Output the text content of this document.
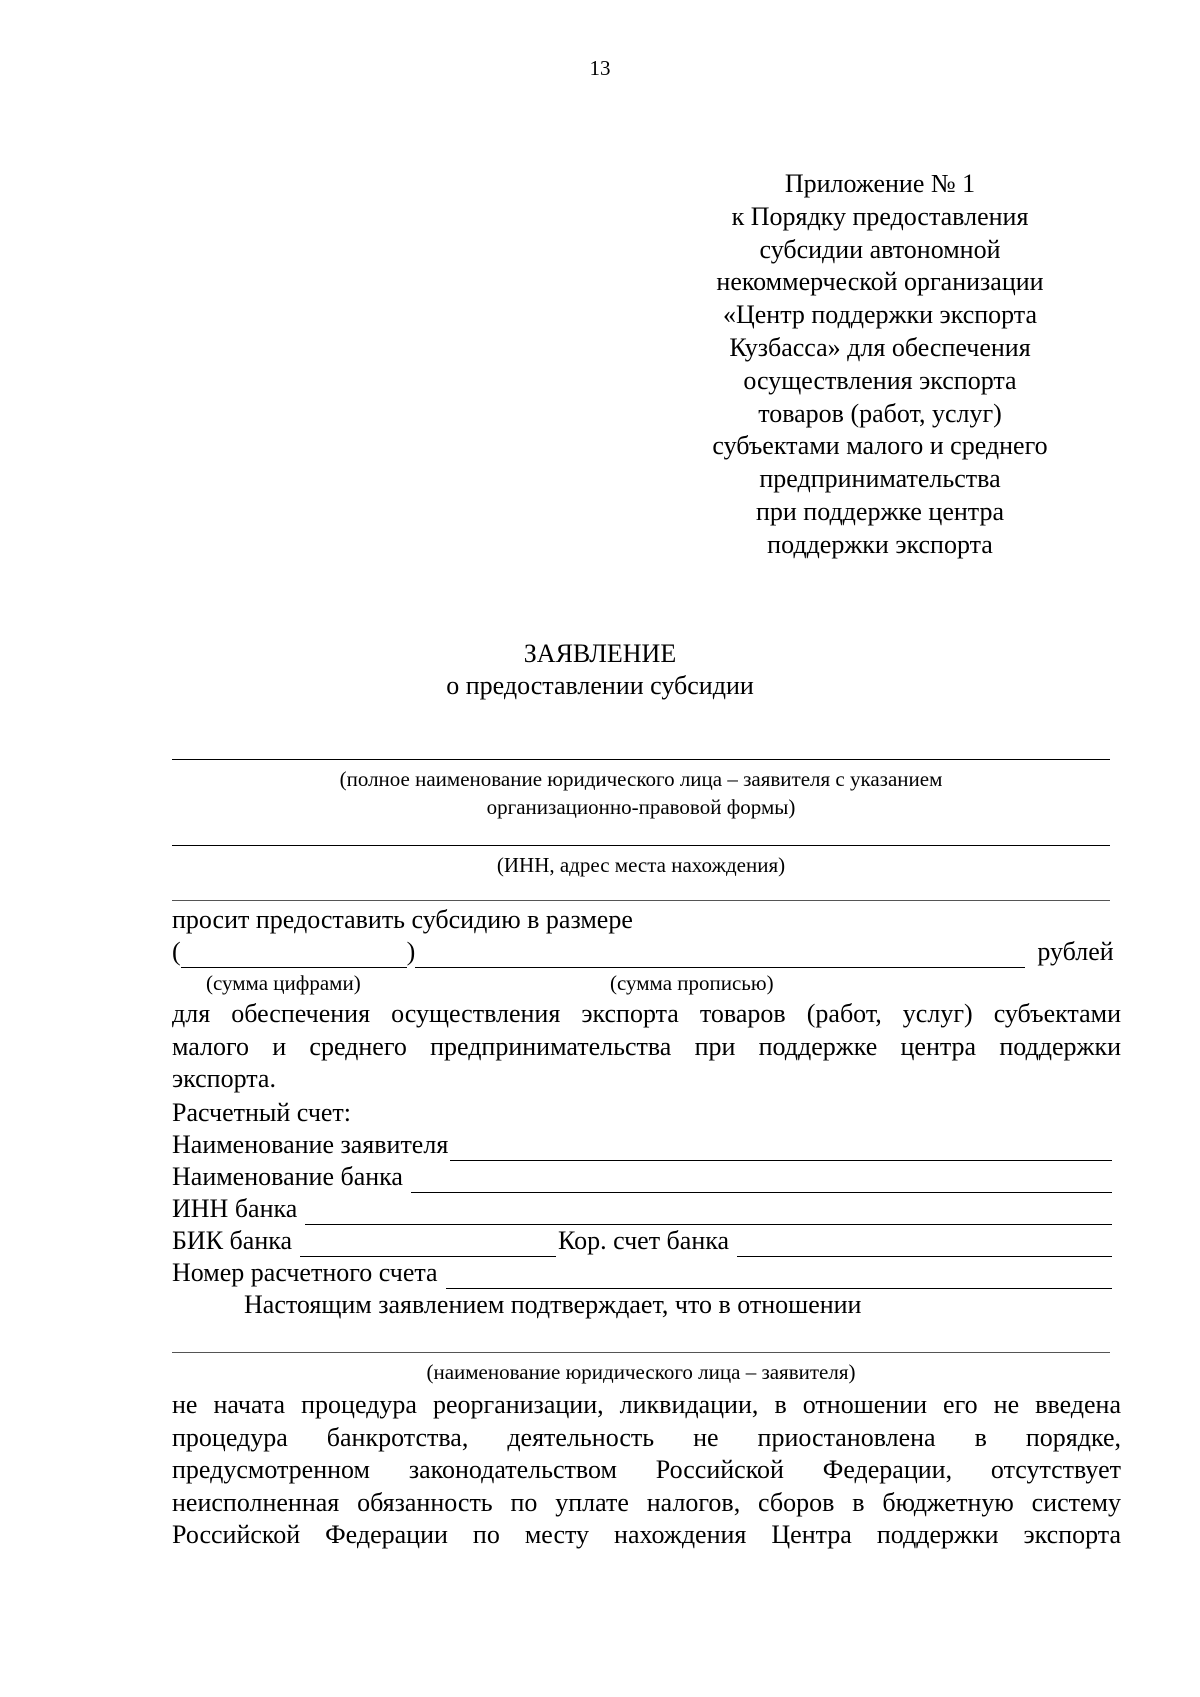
13
Приложение № 1
к Порядку предоставления
субсидии автономной
некоммерческой организации
«Центр поддержки экспорта
Кузбасса» для обеспечения
осуществления экспорта
товаров (работ, услуг)
субъектами малого и среднего
предпринимательства
при поддержке центра
поддержки экспорта
ЗАЯВЛЕНИЕ
о предоставлении субсидии
(полное наименование юридического лица – заявителя с указанием
организационно-правовой формы)
(ИНН, адрес места нахождения)
просит предоставить субсидию в размере
(	)	рублей
(сумма цифрами)	(сумма прописью)
для обеспечения осуществления экспорта товаров (работ, услуг) субъектами
малого и среднего предпринимательства при поддержке центра поддержки
экспорта.
Расчетный счет:
Наименование заявителя
Наименование банка
ИНН банка
БИК банка	Кор. счет банка
Номер расчетного счета
Настоящим заявлением подтверждает, что в отношении
(наименование юридического лица – заявителя)
не начата процедура реорганизации, ликвидации, в отношении его не введена
процедура банкротства, деятельность не приостановлена в порядке,
предусмотренном законодательством Российской Федерации, отсутствует
неисполненная обязанность по уплате налогов, сборов в бюджетную систему
Российской Федерации по месту нахождения Центра поддержки экспорта
